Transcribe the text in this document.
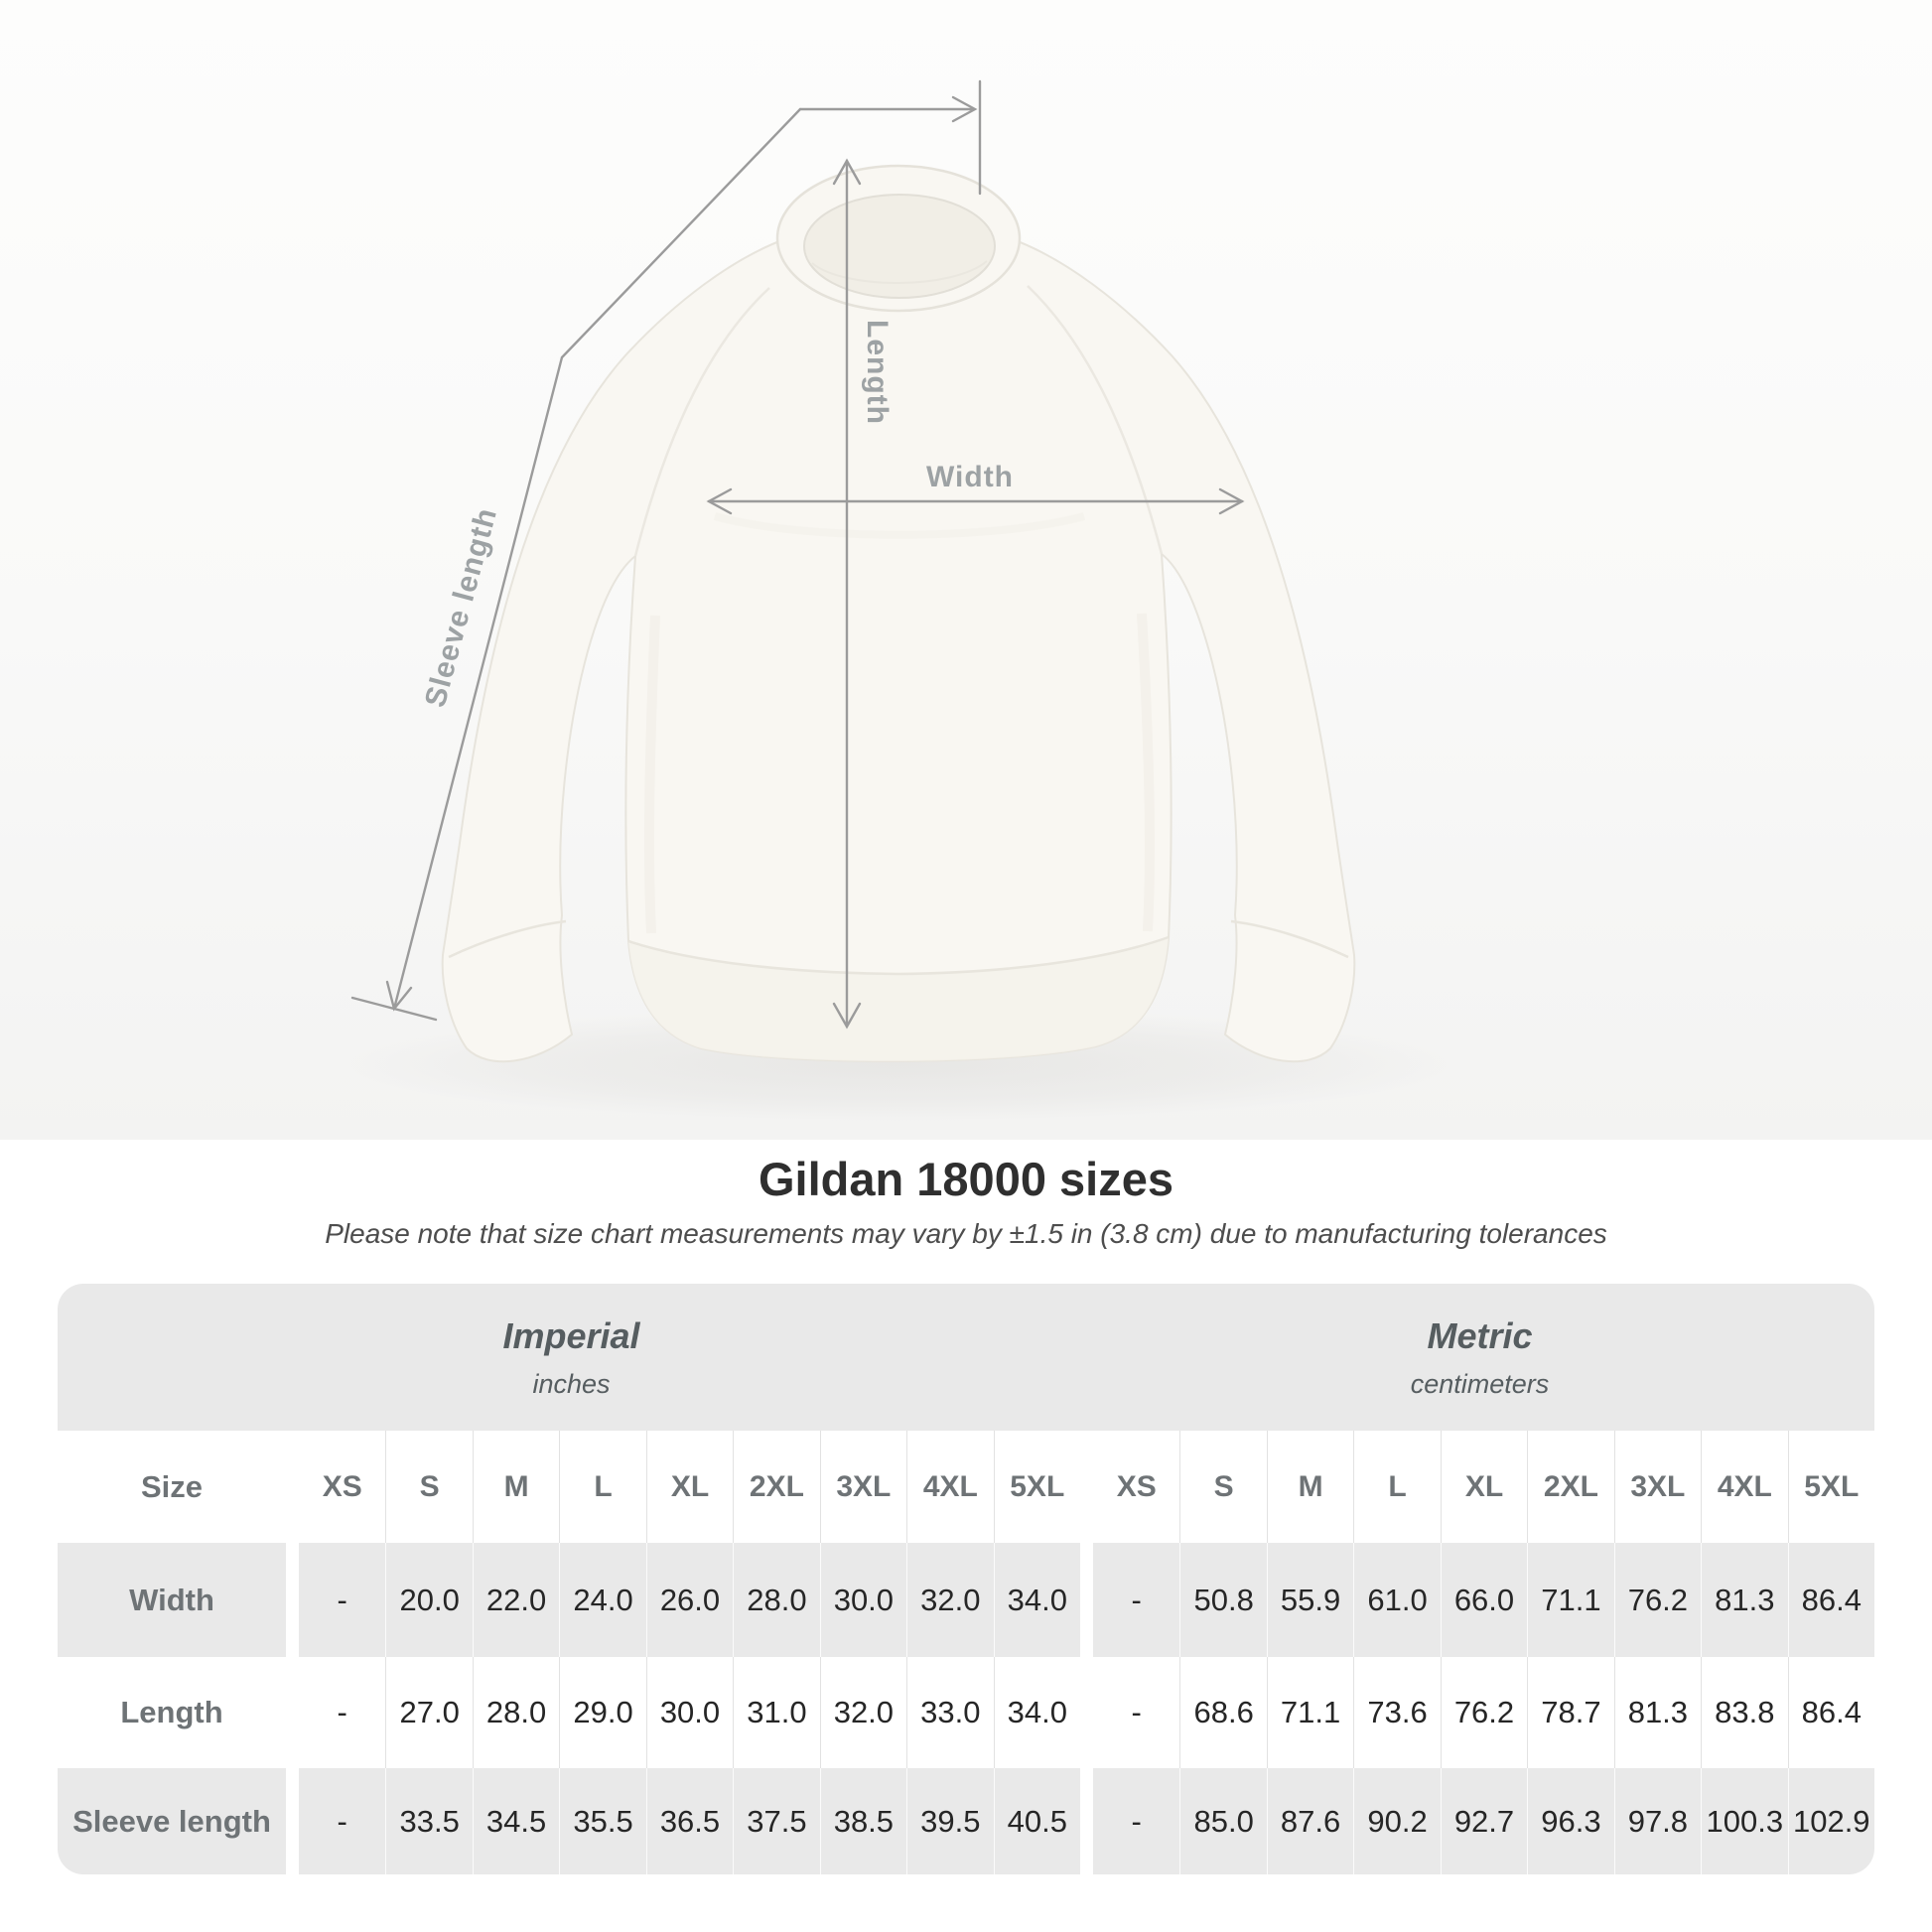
Length
Width
Sleeve length
Gildan 18000 sizes

Please note that size chart measurements may vary by ±1.5 in (3.8 cm) due to manufacturing tolerances

Imperial
inches
Metric
centimeters
Size	XS	S	M	L	XL	2XL	3XL	4XL	5XL	XS	S	M	L	XL	2XL	3XL	4XL	5XL
Width	-	20.0 22.0 24.0 26.0 28.0 30.0 32.0 34.0	-	50.8 55.9 61.0 66.0 71.1 76.2 81.3 86.4
Length	-	27.0 28.0 29.0 30.0 31.0 32.0 33.0 34.0	-	68.6 71.1 73.6 76.2 78.7 81.3 83.8 86.4
Sleeve length	-	33.5 34.5 35.5 36.5 37.5 38.5 39.5 40.5	-	85.0 87.6 90.2 92.7 96.3 97.8 100.3 102.9
